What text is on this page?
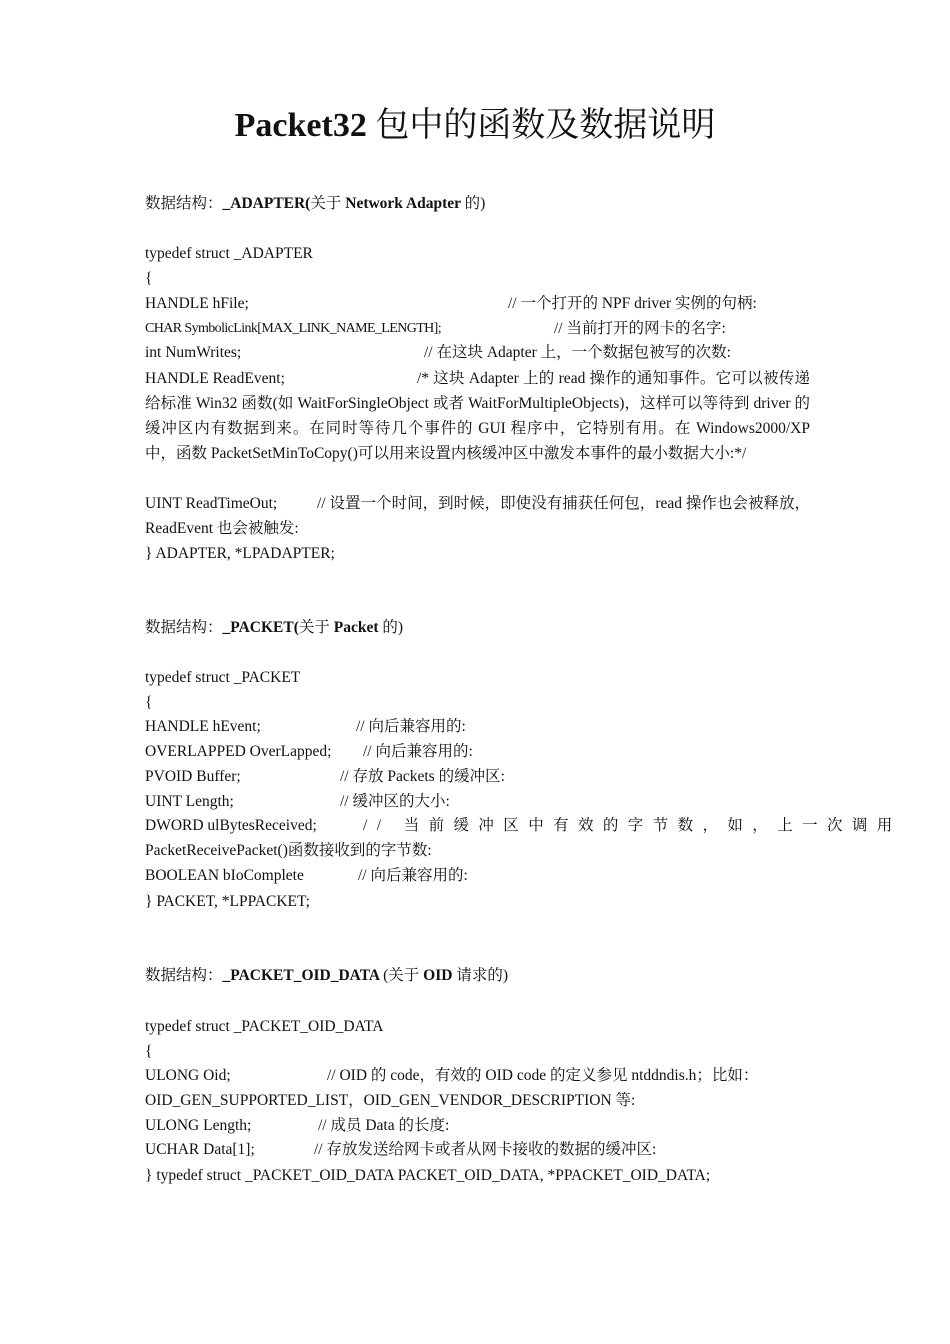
Packet32 包中的函数及数据说明
数据结构：_ADAPTER(关于 Network Adapter 的)
typedef struct _ADAPTER
{
HANDLE hFile;	// 一个打开的 NPF driver 实例的句柄:
CHAR SymbolicLink[MAX_LINK_NAME_LENGTH];	// 当前打开的网卡的名字:
int NumWrites;	// 在这块 Adapter 上，一个数据包被写的次数:
HANDLE ReadEvent;	/* 这块 Adapter 上的 read 操作的通知事件。它可以被传递给标准 Win32 函数(如 WaitForSingleObject 或者 WaitForMultipleObjects)，这样可以等待到 driver 的缓冲区内有数据到来。在同时等待几个事件的 GUI 程序中，它特别有用。在 Windows2000/XP 中，函数 PacketSetMinToCopy()可以用来设置内核缓冲区中激发本事件的最小数据大小:*/
UINT ReadTimeOut;	// 设置一个时间，到时候，即使没有捕获任何包，read 操作也会被释放，ReadEvent 也会被触发:
} ADAPTER, *LPADAPTER;
数据结构：_PACKET(关于 Packet 的)
typedef struct _PACKET
{
HANDLE hEvent;	// 向后兼容用的:
OVERLAPPED OverLapped; // 向后兼容用的:
PVOID Buffer;	// 存放 Packets 的缓冲区:
UINT Length;	// 缓冲区的大小:
DWORD ulBytesReceived;	// 当前缓冲区中有效的字节数，如，上一次调用
PacketReceivePacket()函数接收到的字节数:
BOOLEAN bIoComplete	// 向后兼容用的:
} PACKET, *LPPACKET;
数据结构：_PACKET_OID_DATA (关于 OID 请求的)
typedef struct _PACKET_OID_DATA
{
ULONG Oid;	// OID 的 code，有效的 OID code 的定义参见 ntddndis.h；比如：
OID_GEN_SUPPORTED_LIST，OID_GEN_VENDOR_DESCRIPTION 等:
ULONG Length;	// 成员 Data 的长度:
UCHAR Data[1];	// 存放发送给网卡或者从网卡接收的数据的缓冲区:
} typedef struct _PACKET_OID_DATA PACKET_OID_DATA, *PPACKET_OID_DATA;
